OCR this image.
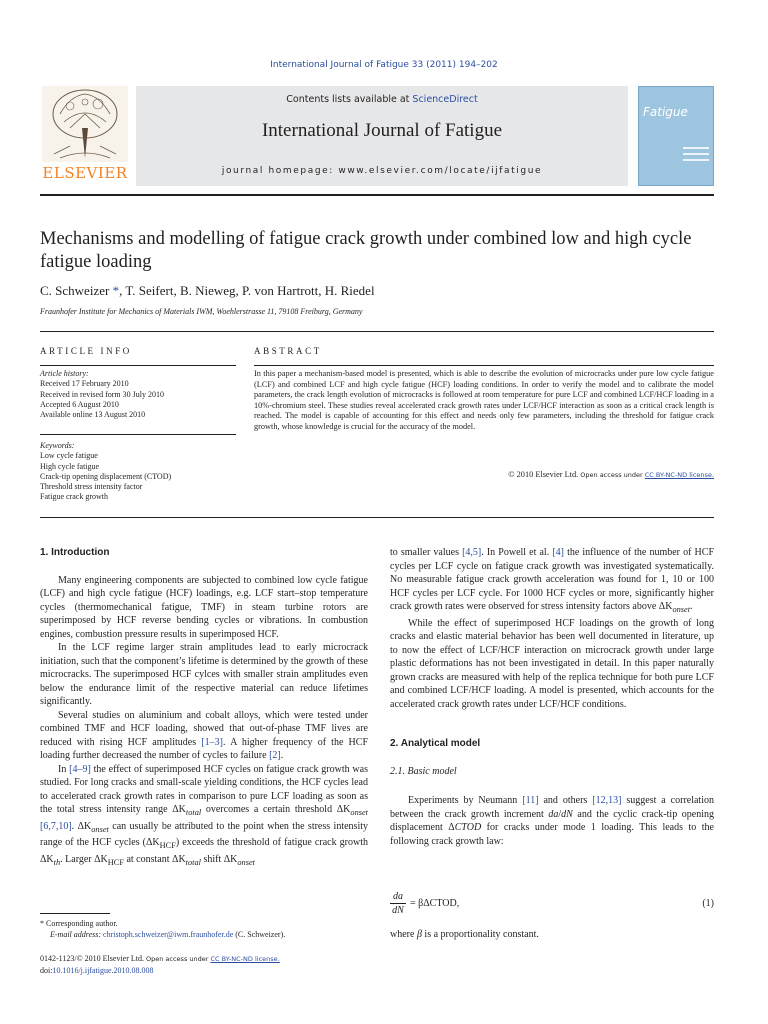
International Journal of Fatigue 33 (2011) 194–202
ELSEVIER
Contents lists available at ScienceDirect
International Journal of Fatigue
journal homepage: www.elsevier.com/locate/ijfatigue
Fatigue
Mechanisms and modelling of fatigue crack growth under combined low and high cycle fatigue loading
C. Schweizer *, T. Seifert, B. Nieweg, P. von Hartrott, H. Riedel
Fraunhofer Institute for Mechanics of Materials IWM, Woehlerstrasse 11, 79108 Freiburg, Germany
ARTICLE INFO	ABSTRACT
Article history:
Received 17 February 2010
Received in revised form 30 July 2010
Accepted 6 August 2010
Available online 13 August 2010
Keywords:
Low cycle fatigue
High cycle fatigue
Crack-tip opening displacement (CTOD)
Threshold stress intensity factor
Fatigue crack growth
In this paper a mechanism-based model is presented, which is able to describe the evolution of microcracks under pure low cycle fatigue (LCF) and combined LCF and high cycle fatigue (HCF) loading conditions. In order to verify the model and to calibrate the model parameters, the crack length evolution of microcracks is followed at room temperature for pure LCF and combined LCF/HCF loading in a 10%-chromium steel. These studies reveal accelerated crack growth rates under LCF/HCF interaction as soon as a critical crack length is reached. The model is capable of accounting for this effect and needs only few parameters, including the threshold for fatigue crack growth, whose knowledge is crucial for the accuracy of the model.
© 2010 Elsevier Ltd. Open access under CC BY-NC-ND license.

1. Introduction

Many engineering components are subjected to combined low cycle fatigue (LCF) and high cycle fatigue (HCF) loadings, e.g. LCF start–stop temperature cycles (thermomechanical fatigue, TMF) in steam turbine rotors are superimposed by HCF reverse bending cycles or vibrations. In combustion engines, combustion pressure results in superimposed HCF.

In the LCF regime larger strain amplitudes lead to early microcrack initiation, such that the component’s lifetime is determined by the growth of these microcracks. The superimposed HCF cylces with smaller strain amplitudes even below the endurance limit of the respective material can reduce lifetimes significantly.

Several studies on aluminium and cobalt alloys, which were tested under combined TMF and HCF loading, showed that out-of-phase TMF lives are reduced with rising HCF amplitudes [1–3]. A higher frequency of the HCF loading further decreased the number of cycles to failure [2].

In [4–9] the effect of superimposed HCF cycles on fatigue crack growth was studied. For long cracks and small-scale yielding conditions, the HCF cycles lead to accelerated crack growth rates in comparison to pure LCF loading as soon as the total stress intensity range $\Delta K_{total}$ overcomes a certain threshold $\Delta K_{onset}$ [6,7,10]. $\Delta K_{onset}$ can usually be attributed to the point when the stress intensity range of the HCF cycles $(\Delta K_{HCF})$ exceeds the threshold of fatigue crack growth $\Delta K_{th}$. Larger $\Delta K_{HCF}$ at constant $\Delta K_{total}$ shift $\Delta K_{onset}$

to smaller values [4,5]. In Powell et al. [4] the influence of the number of HCF cycles per LCF cycle on fatigue crack growth was investigated systematically. No measurable fatigue crack growth acceleration was found for 1, 10 or 100 HCF cycles per LCF cycle. For 1000 HCF cycles or more, significantly higher crack growth rates were observed for stress intensity factors above $\Delta K_{onset}$.

While the effect of superimposed HCF loadings on the growth of long cracks and elastic material behavior has been well documented in literature, up to now the effect of LCF/HCF interaction on microcrack growth under large plastic deformations has not been investigated in detail. In this paper naturally grown cracks are measured with help of the replica technique for both pure LCF and combined LCF/HCF loading. A model is presented, which accounts for the accelerated crack growth rates under LCF/HCF conditions.

2. Analytical model

2.1. Basic model

Experiments by Neumann [11] and others [12,13] suggest a correlation between the crack growth increment da/dN and the cyclic crack-tip opening displacement ΔCTOD for cracks under mode 1 loading. This leads to the following crack growth law:

da
dN
= βΔCTOD,	(1)
where β is a proportionality constant.
* Corresponding author.
E-mail address: christoph.schweizer@iwm.fraunhofer.de (C. Schweizer).
0142-1123/© 2010 Elsevier Ltd. Open access under CC BY-NC-ND license.
doi:10.1016/j.ijfatigue.2010.08.008
